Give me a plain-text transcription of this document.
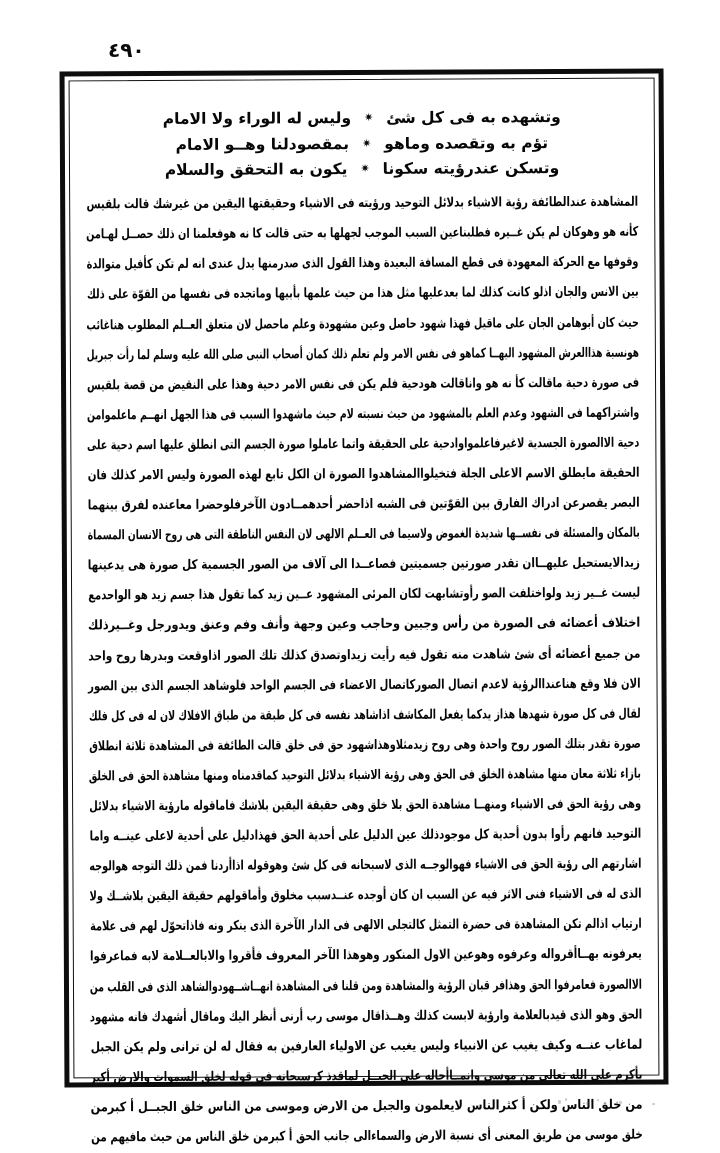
٤٩٠
وتشهده به فى كل شئ
✷
وليس له الوراء ولا الامام
تؤم به وتقصده وماهو
✷
بمقصودلنا وهــو الامام
وتسكن عندرؤيته سكونا
✷
يكون به التحقق والسلام
المشاهدة عندالطائفة رؤية الاشياء بدلائل التوحيد ورؤيته فى الاشياء وحقيقتها اليقين من غيرشك قالت بلقيس
كأنه هو وهوكان لم يكن غــيره فطلبناعين السبب الموجب لجهلها به حتى قالت كا نه هوفعلمنا ان ذلك حصــل لهـامن
وقوفها مع الحركة المعهودة فى قطع المسافة البعيدة وهذا القول الذى صدرمنها يدل عندى انه لم تكن كأفيل متوالدة
بين الانس والجان اذلو كانت كذلك لما بعدعليها مثل هذا من حيث علمها بأبيها وماتجده فى نفسها من القوّة على ذلك
حيث كان أبوهامن الجان على ماقيل فهذا شهود حاصل وعين مشهودة وعلم ماحصل لان متعلق العــلم المطلوب هناغائب
هونسبة هذاالعرش المشهود اليهــا كماهو فى نفس الامر ولم تعلم ذلك كمان أصحاب النبى صلى الله عليه وسلم لما رأت جبريل
فى صورة دحية ماقالت كأ نه هو واناقالت هودحية فلم يكن فى نفس الامر دحية وهذا على النقيض من قصة بلقيس
واشتراكهما فى الشهود وعدم العلم بالمشهود من حيث نسبته لام حيث ماشهدوا السبب فى هذا الجهل انهــم ماعلموامن
دحية الاالصورة الجسدية لاغيرفاعلمواوادحية على الحقيقة واتما عاملوا صورة الجسم التى انطلق عليها اسم دحية على
الحقيقة مايطلق الاسم الاعلى الجلة فتخيلواالمشاهدوا الصورة ان الكل تابع لهذه الصورة وليس الامر كذلك فان
البصر يقصرعن ادراك الفارق بين القوّتين فى الشبه اذاحضر أحدهمــادون الآخرفلوحضرا معاعنده لفرق بينهما
بالمكان والمسئلة فى نفســها شديدة الغموض ولاسيما فى العــلم الالهى لان النفس الناطقة التى هى روح الانسان المسماة
زيدالايستحيل عليهــاان تقدر صورتين جسميتين فصاعــدا الى آلاف من الصور الجسمية كل صورة هى يدعينها
ليست غــير زيد ولواختلفت الصو رأوتشابهت لكان المرئى المشهود عــين زيد كما تقول هذا جسم زيد هو الواحدمع
اختلاف أعضائه فى الصورة من رأس وجبين وحاجب وعين وجهة وأنف وفم وعنق ويدورجل وغــيرذلك
من جميع أعضائه أى شئ شاهدت منه تقول فيه رأيت زيداوتصدق كذلك تلك الصور اذاوقعت وبدرها روح واحد
الان فلا وقع هناعنداالرؤية لاعدم اتصال الصوركاتصال الاعضاء فى الجسم الواحد فلوشاهد الجسم الذى بين الصور
لقال فى كل صورة شهدها هذاز يدكما يفعل المكاشف اذاشاهد نفسه فى كل طبقة من طباق الافلاك لان له فى كل فلك
صورة تقدر بتلك الصور روح واحدة وهى روح زيدمثلاوهذاشهود حق فى خلق قالت الطائفة فى المشاهدة ثلاثة انطلاق
بازاء ثلاثة معان منها مشاهدة الخلق فى الحق وهى رؤية الاشياء بدلائل التوحيد كماقدمناه ومنها مشاهدة الحق فى الخلق
وهى رؤية الحق فى الاشياء ومنهــا مشاهدة الحق بلا خلق وهى حقيقة اليقين بلاشك فاماقوله مارؤية الاشياء بدلائل
التوحيد فانهم رأوا بدون أحدية كل موجودذلك عين الدليل على أحدية الحق فهذادليل على أحدية لاعلى عينــه واما
اشارتهم الى رؤية الحق فى الاشياء فهوالوجــه الذى لاسبحانه فى كل شئ وهوقوله اذاأردنا فمن ذلك التوجه هوالوجه
الذى له فى الاشياء فنى الاثر فيه عن السبب ان كان أوجده عنــدسبب مخلوق وأماقولهم حقيقة اليقين بلاشــك ولا
ارتياب اذالم تكن المشاهدة فى حضرة التمثل كالتجلى الالهى فى الدار الآخرة الذى ينكر ونه فاذاتحوّل لهم فى علامة
يعرفونه بهــاأقرواله وعرفوه وهوعين الاول المنكور وهوهذا الآخر المعروف فأقروا والابالعــلامة لابه فماعرفوا
الاالصورة فعامرفوا الحق وهذافر قبان الرؤية والمشاهدة ومن قلنا فى المشاهدة انهــاشــهودوالشاهد الذى فى القلب من
الحق وهو الذى قيدبالعلامة وارؤية لابست كذلك وهــذاقال موسى رب أرنى أنظر اليك وماقال أشهدك فانه مشهود
لماغاب عنــه وكيف يغيب عن الانبياء وليس يغيب عن الاولياء العارفين به فقال له لن ترانى ولم يكن الجبل
بأكرم على الله تعالى من موسى وانمــاأحاله على الجبــل لماقدذ كرسبحانه فى قوله لخلق السموات والارض أكبر
من خلق الناس ولكن أ كثرالناس لايعلمون والجبل من الارض وموسى من الناس خلق الجبــل أ كبرمن
خلق موسى من طريق المعنى أى نسبة الارض والسماءالى جانب الحق أ كبرمن خلق الناس من حيث مافيهم من
